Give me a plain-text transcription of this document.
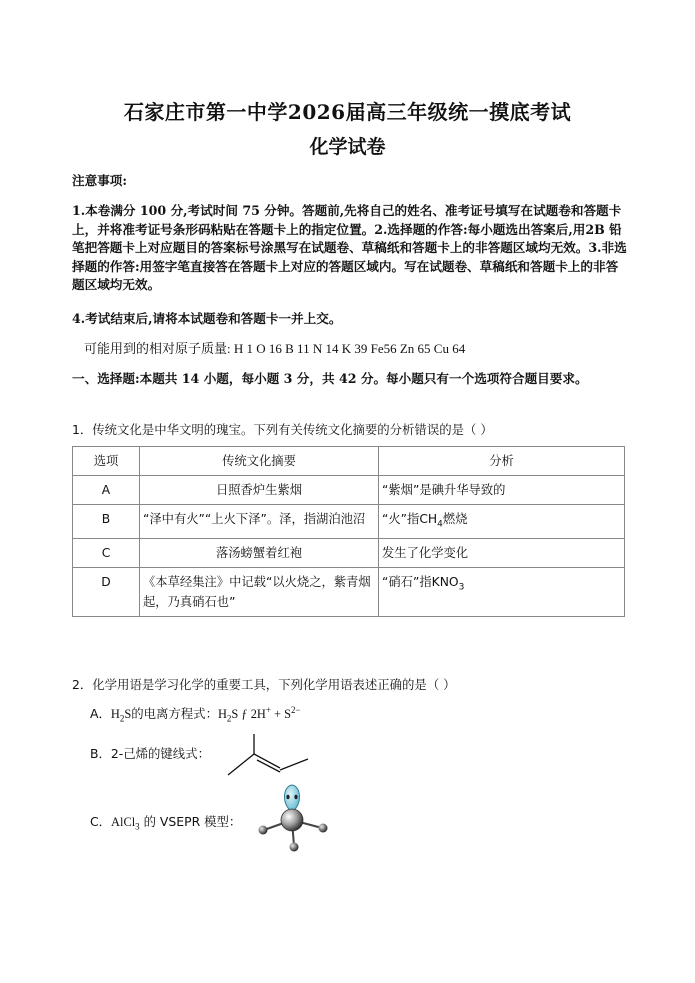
石家庄市第一中学2026届高三年级统一摸底考试
化学试卷
注意事项:
1.本卷满分 100 分,考试时间 75 分钟。答题前,先将自己的姓名、准考证号填写在试题卷和答题卡上，并将准考证号条形码粘贴在答题卡上的指定位置。2.选择题的作答:每小题选出答案后,用2B 铅笔把答题卡上对应题目的答案标号涂黑写在试题卷、草稿纸和答题卡上的非答题区域均无效。3.非选择题的作答:用签字笔直接答在答题卡上对应的答题区域内。写在试题卷、草稿纸和答题卡上的非答题区域均无效。
4.考试结束后,请将本试题卷和答题卡一并上交。
可能用到的相对原子质量: H 1 O 16 B 11 N 14 K 39 Fe56 Zn 65 Cu 64
一、选择题:本题共 14 小题，每小题 3 分，共 42 分。每小题只有一个选项符合题目要求。
1．传统文化是中华文明的瑰宝。下列有关传统文化摘要的分析错误的是（ ）
选项	传统文化摘要	分析
A	日照香炉生紫烟	“紫烟”是碘升华导致的
B	“泽中有火”“上火下泽”。泽，指湖泊池沼	“火”指$CH_4$燃烧
C	落汤螃蟹着红袍	发生了化学变化
D	《本草经集注》中记载“以火烧之，紫青烟起，乃真硝石也”	“硝石”指$KNO_3$
2．化学用语是学习化学的重要工具，下列化学用语表述正确的是（ ）
A．$H_2S$的电离方程式：$H_2S$ ƒ $2H^+ + S^{2-}$
B．2-己烯的键线式：
C．AlCl$_3$ 的 VSEPR 模型：
